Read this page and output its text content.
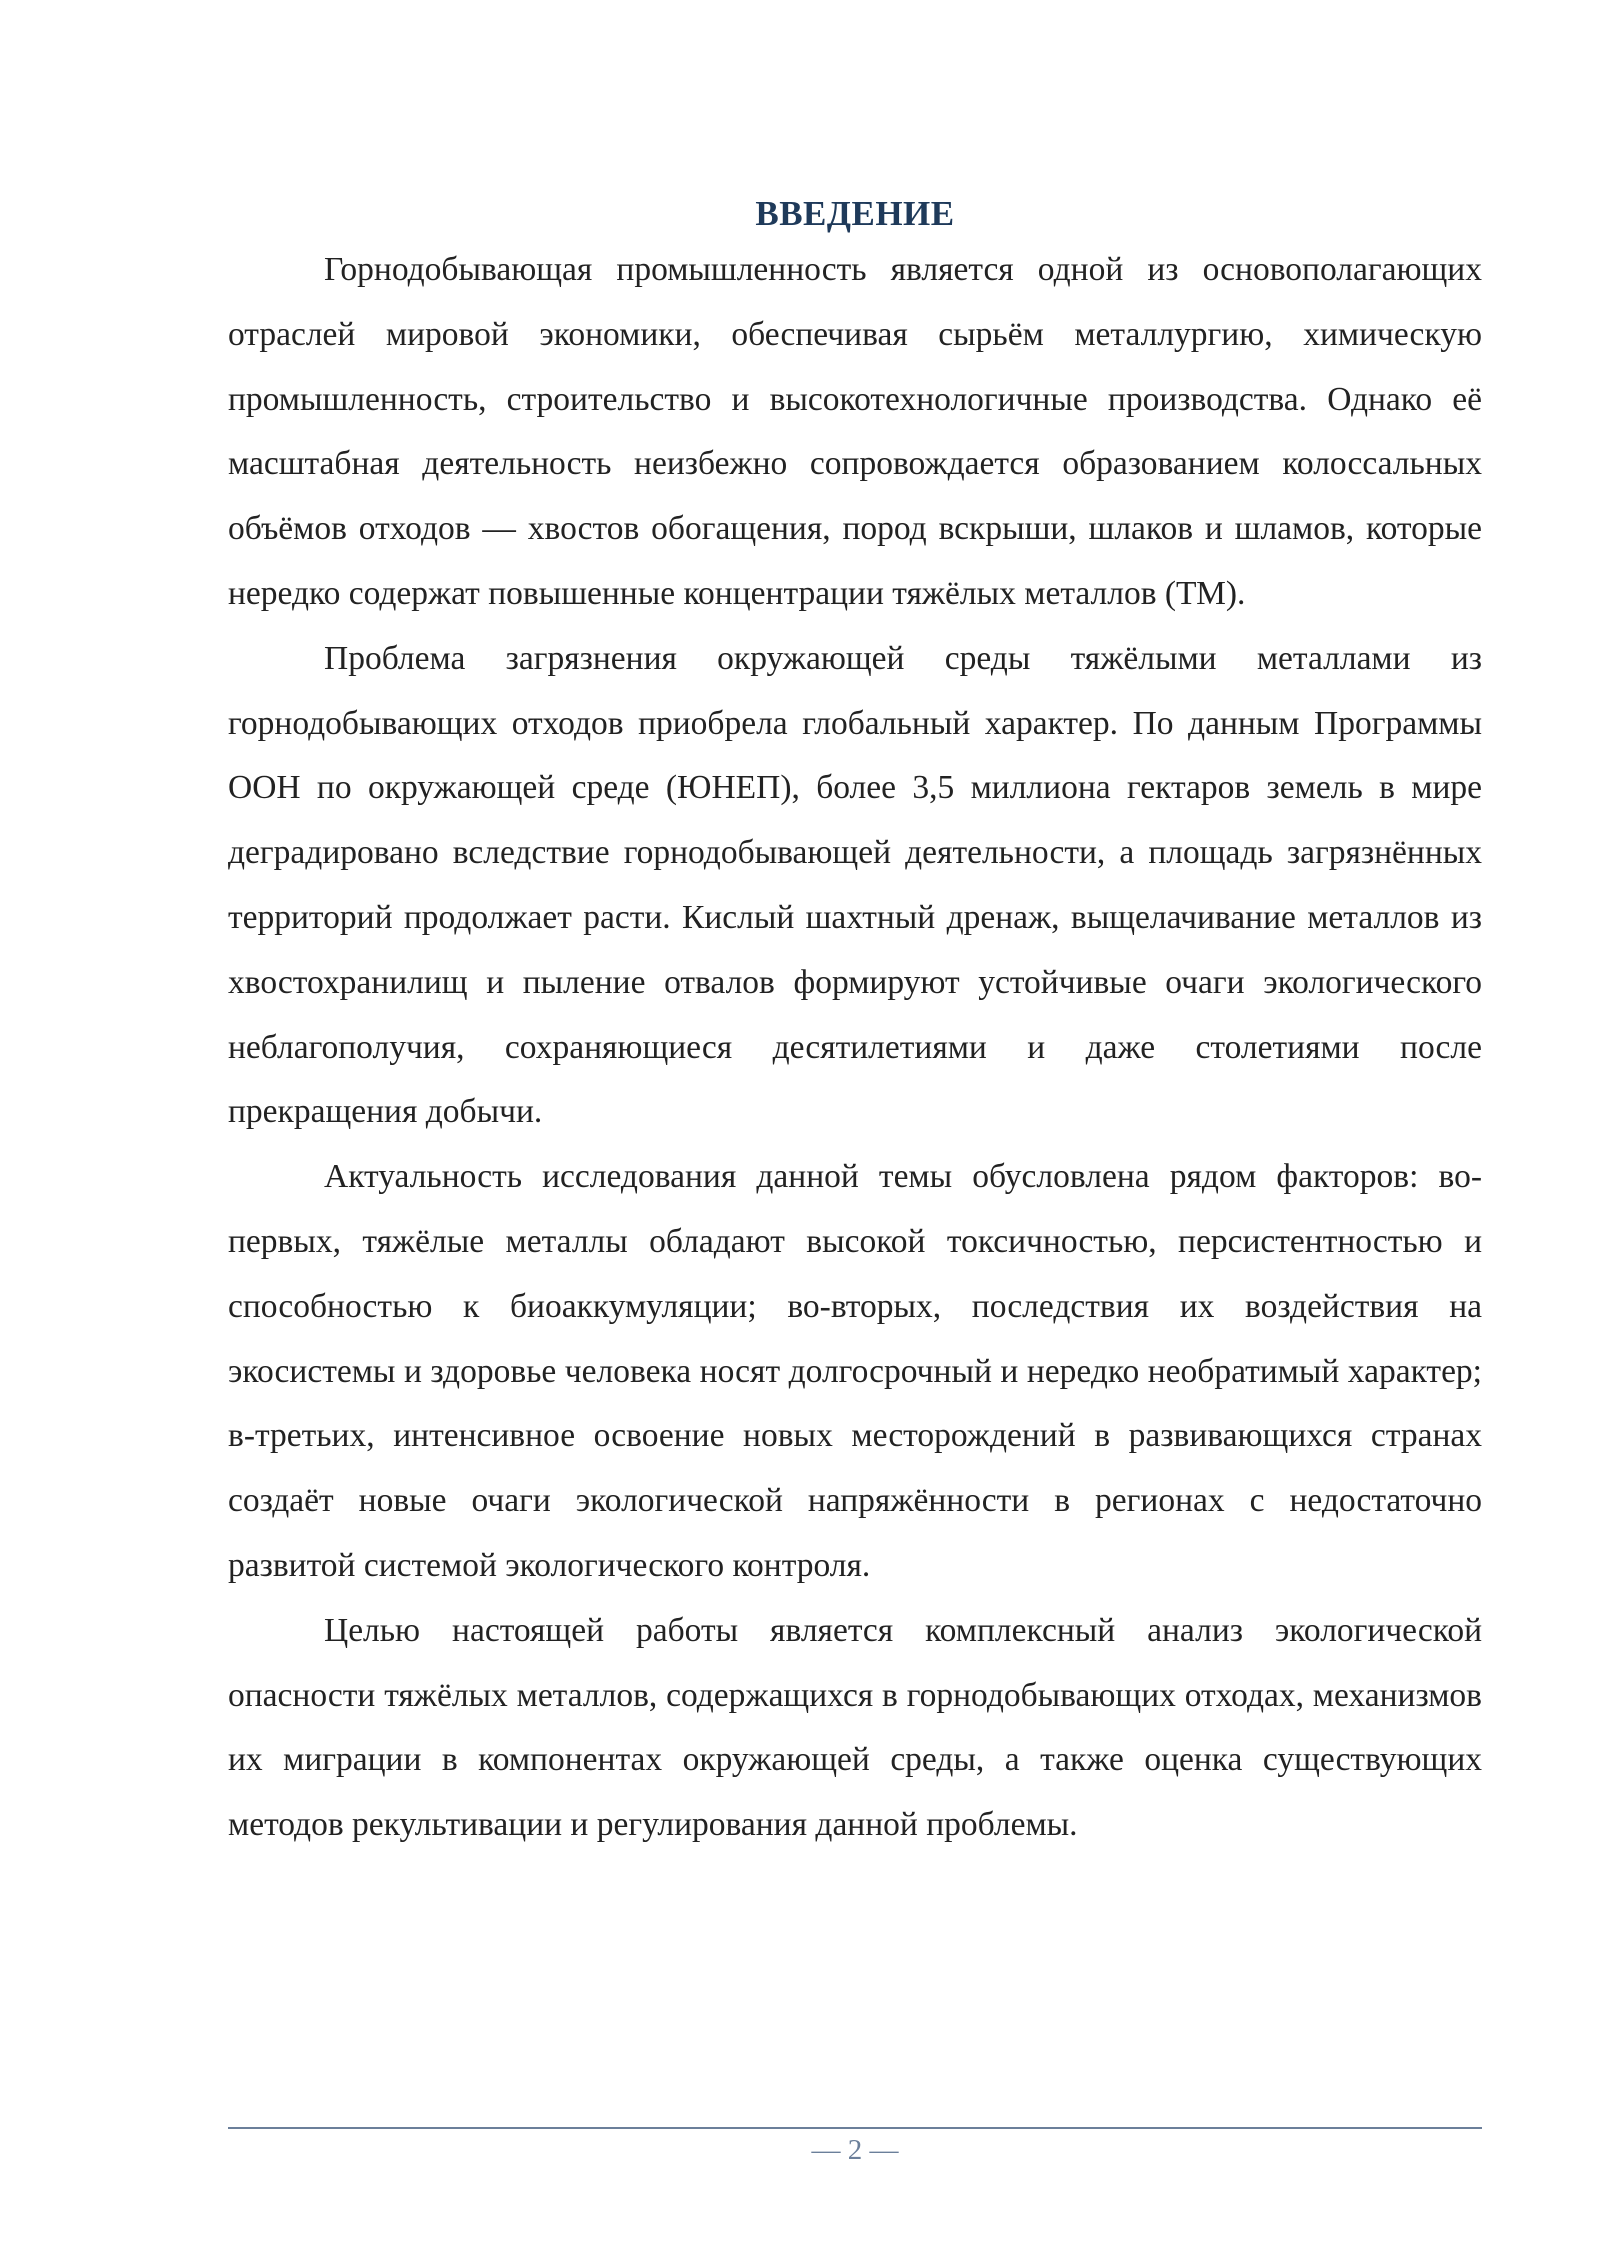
ВВЕДЕНИЕ

Горнодобывающая промышленность является одной из основополагающих отраслей мировой экономики, обеспечивая сырьём металлургию, химическую промышленность, строительство и высокотехнологичные производства. Однако её масштабная деятельность неизбежно сопровождается образованием колоссальных объёмов отходов — хвостов обогащения, пород вскрыши, шлаков и шламов, которые нередко содержат повышенные концентрации тяжёлых металлов (ТМ).

Проблема загрязнения окружающей среды тяжёлыми металлами из горнодобывающих отходов приобрела глобальный характер. По данным Программы ООН по окружающей среде (ЮНЕП), более 3,5 миллиона гектаров земель в мире деградировано вследствие горнодобывающей деятельности, а площадь загрязнённых территорий продолжает расти. Кислый шахтный дренаж, выщелачивание металлов из хвостохранилищ и пыление отвалов формируют устойчивые очаги экологического неблагополучия, сохраняющиеся десятилетиями и даже столетиями после прекращения добычи.

Актуальность исследования данной темы обусловлена рядом факторов: во-первых, тяжёлые металлы обладают высокой токсичностью, персистентностью и способностью к биоаккумуляции; во-вторых, последствия их воздействия на экосистемы и здоровье человека носят долгосрочный и нередко необратимый характер; в-третьих, интенсивное освоение новых месторождений в развивающихся странах создаёт новые очаги экологической напряжённости в регионах с недостаточно развитой системой экологического контроля.

Целью настоящей работы является комплексный анализ экологической опасности тяжёлых металлов, содержащихся в горнодобывающих отходах, механизмов их миграции в компонентах окружающей среды, а также оценка существующих методов рекультивации и регулирования данной проблемы.

— 2 —
